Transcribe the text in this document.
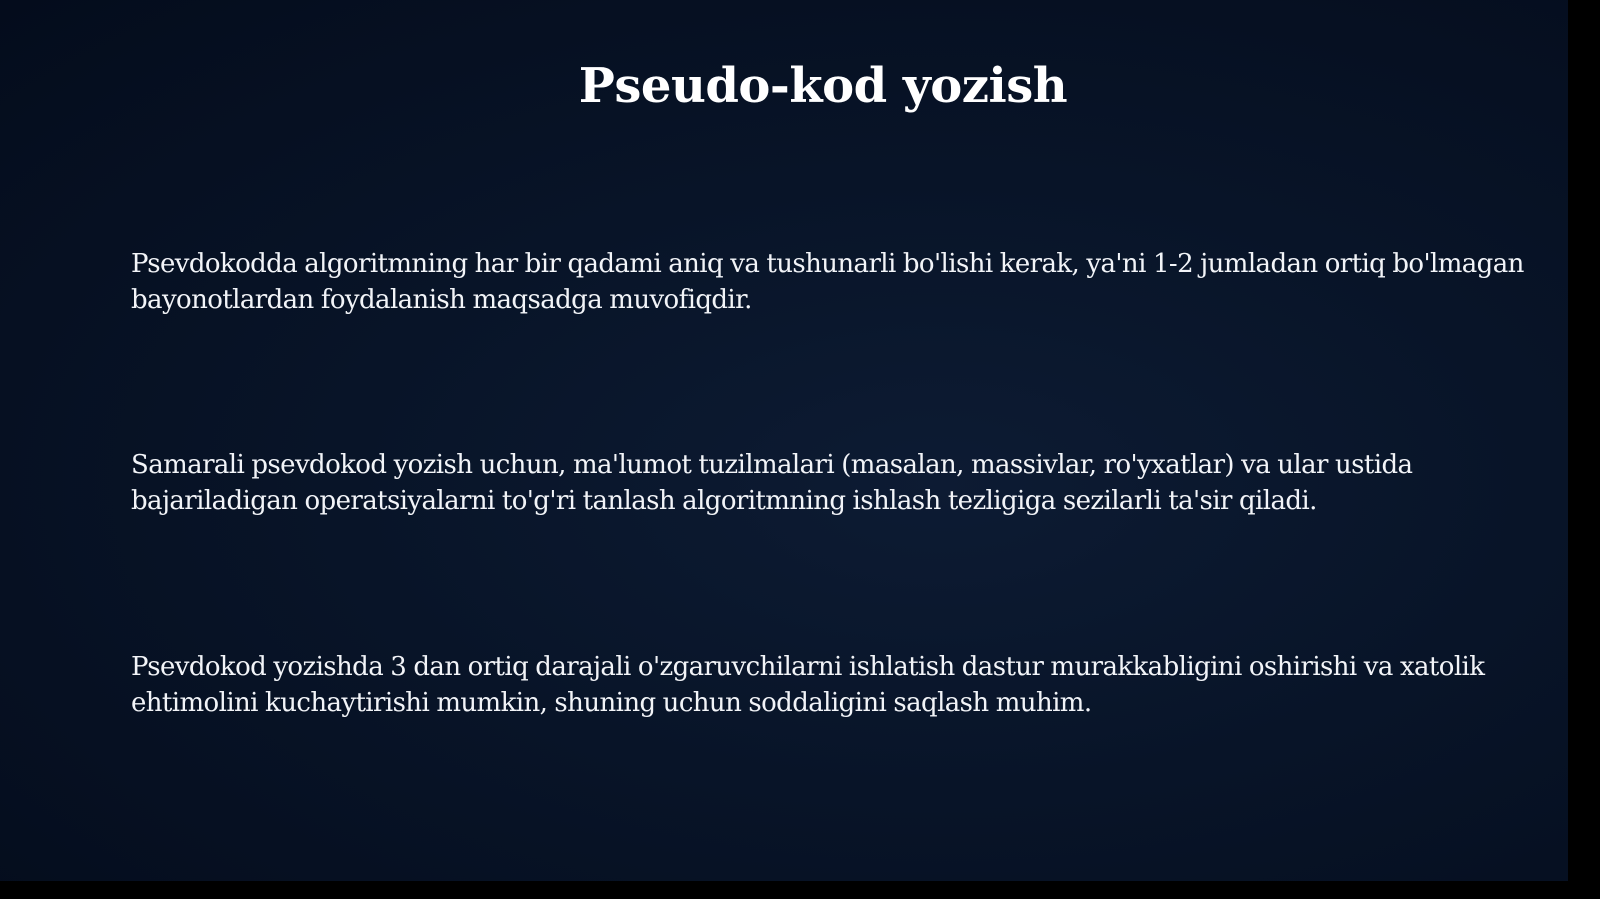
Pseudo-kod yozish

Psevdokodda algoritmning har bir qadami aniq va tushunarli bo'lishi kerak, ya'ni 1-2 jumladan ortiq bo'lmagan bayonotlardan foydalanish maqsadga muvofiqdir.

Samarali psevdokod yozish uchun, ma'lumot tuzilmalari (masalan, massivlar, ro'yxatlar) va ular ustida bajariladigan operatsiyalarni to'g'ri tanlash algoritmning ishlash tezligiga sezilarli ta'sir qiladi.

Psevdokod yozishda 3 dan ortiq darajali o'zgaruvchilarni ishlatish dastur murakkabligini oshirishi va xatolik ehtimolini kuchaytirishi mumkin, shuning uchun soddaligini saqlash muhim.
